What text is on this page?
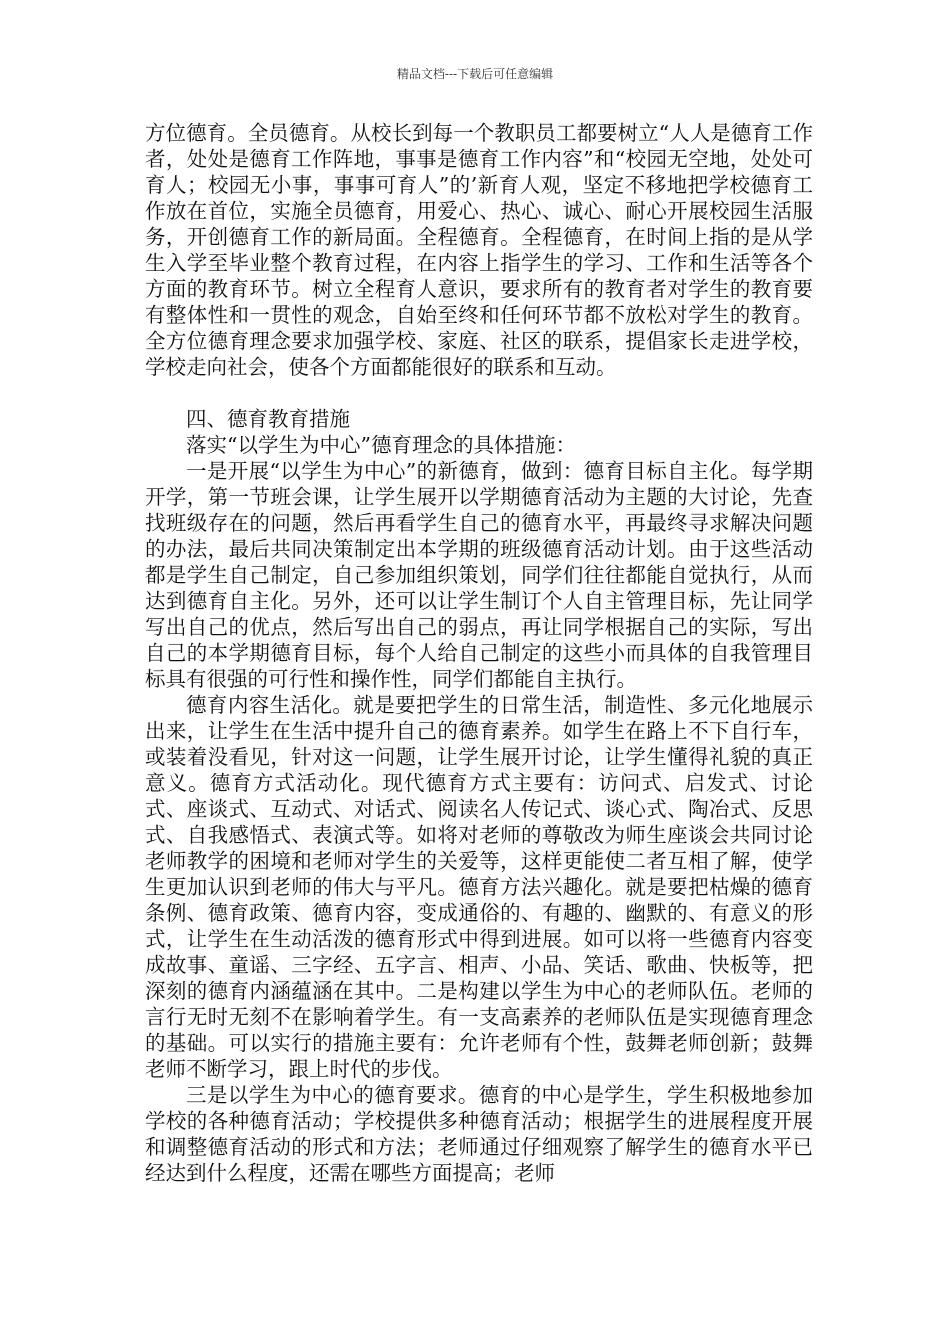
精品文档---下载后可任意编辑

方位德育。全员德育。从校长到每一个教职员工都要树立“人人是德育工作者，处处是德育工作阵地，事事是德育工作内容”和“校园无空地，处处可育人；校园无小事，事事可育人”的’新育人观，坚定不移地把学校德育工作放在首位，实施全员德育，用爱心、热心、诚心、耐心开展校园生活服务，开创德育工作的新局面。全程德育。全程德育，在时间上指的是从学生入学至毕业整个教育过程，在内容上指学生的学习、工作和生活等各个方面的教育环节。树立全程育人意识，要求所有的教育者对学生的教育要有整体性和一贯性的观念，自始至终和任何环节都不放松对学生的教育。全方位德育理念要求加强学校、家庭、社区的联系，提倡家长走进学校，学校走向社会，使各个方面都能很好的联系和互动。

四、德育教育措施

落实“以学生为中心”德育理念的具体措施：

一是开展“以学生为中心”的新德育，做到：德育目标自主化。每学期开学，第一节班会课，让学生展开以学期德育活动为主题的大讨论，先查找班级存在的问题，然后再看学生自己的德育水平，再最终寻求解决问题的办法，最后共同决策制定出本学期的班级德育活动计划。由于这些活动都是学生自己制定，自己参加组织策划，同学们往往都能自觉执行，从而达到德育自主化。另外，还可以让学生制订个人自主管理目标，先让同学写出自己的优点，然后写出自己的弱点，再让同学根据自己的实际，写出自己的本学期德育目标，每个人给自己制定的这些小而具体的自我管理目标具有很强的可行性和操作性，同学们都能自主执行。

德育内容生活化。就是要把学生的日常生活，制造性、多元化地展示出来，让学生在生活中提升自己的德育素养。如学生在路上不下自行车，或装着没看见，针对这一问题，让学生展开讨论，让学生懂得礼貌的真正意义。德育方式活动化。现代德育方式主要有：访问式、启发式、讨论式、座谈式、互动式、对话式、阅读名人传记式、谈心式、陶冶式、反思式、自我感悟式、表演式等。如将对老师的尊敬改为师生座谈会共同讨论老师教学的困境和老师对学生的关爱等，这样更能使二者互相了解，使学生更加认识到老师的伟大与平凡。德育方法兴趣化。就是要把枯燥的德育条例、德育政策、德育内容，变成通俗的、有趣的、幽默的、有意义的形式，让学生在生动活泼的德育形式中得到进展。如可以将一些德育内容变成故事、童谣、三字经、五字言、相声、小品、笑话、歌曲、快板等，把深刻的德育内涵蕴涵在其中。二是构建以学生为中心的老师队伍。老师的言行无时无刻不在影响着学生。有一支高素养的老师队伍是实现德育理念的基础。可以实行的措施主要有：允许老师有个性，鼓舞老师创新；鼓舞老师不断学习，跟上时代的步伐。

三是以学生为中心的德育要求。德育的中心是学生，学生积极地参加学校的各种德育活动；学校提供多种德育活动；根据学生的进展程度开展和调整德育活动的形式和方法；老师通过仔细观察了解学生的德育水平已经达到什么程度，还需在哪些方面提高；老师
